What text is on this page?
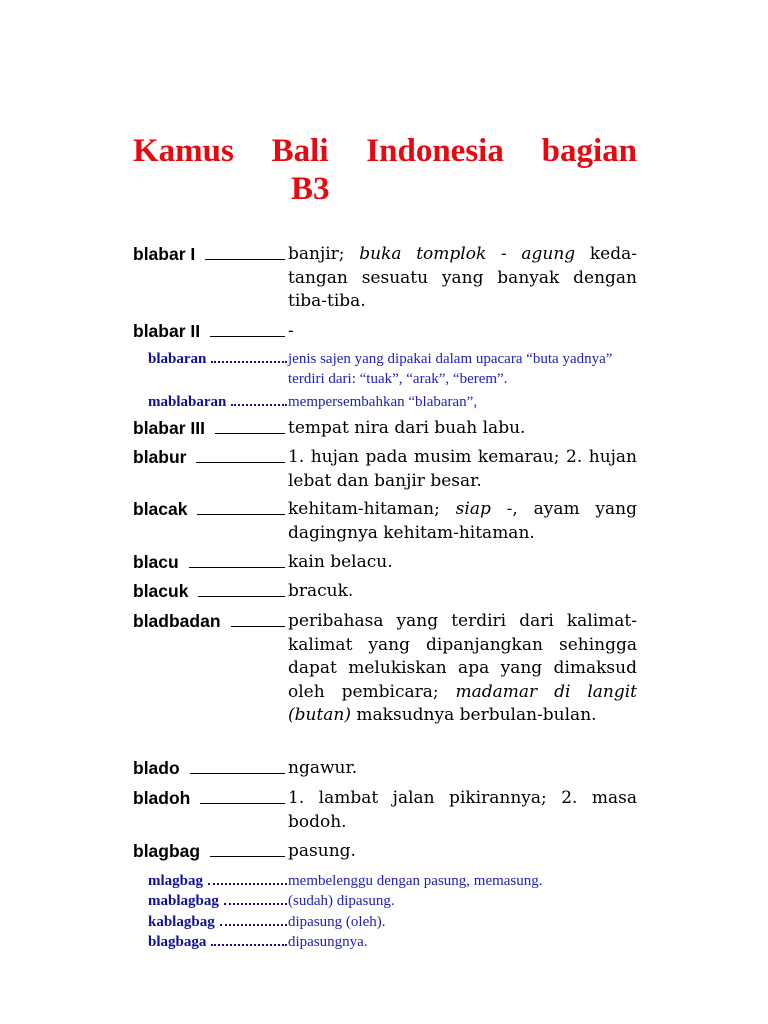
Kamus Bali Indonesia bagian
B3
blabar I	banjir; buka tomplok - agung keda-tangan sesuatu yang banyak dengan tiba-tiba.
blabar II	-
blabaran	jenis sajen yang dipakai dalam upacara “buta yadnya” terdiri dari: “tuak”, “arak”, “berem”.
mablabaran	mempersembahkan “blabaran”,
blabar III	tempat nira dari buah labu.
blabur	1. hujan pada musim kemarau; 2. hujan lebat dan banjir besar.
blacak	kehitam-hitaman; siap -, ayam yang dagingnya kehitam-hitaman.
blacu	kain belacu.
blacuk	bracuk.
bladbadan	peribahasa yang terdiri dari kalimat-kalimat yang dipanjangkan sehingga dapat melukiskan apa yang dimaksud oleh pembicara; madamar di langit (butan) maksudnya berbulan-bulan.
blado	ngawur.
bladoh	1. lambat jalan pikirannya; 2. masa bodoh.
blagbag	pasung.
mlagbag	membelenggu dengan pasung, memasung.
mablagbag	(sudah) dipasung.
kablagbag	dipasung (oleh).
blagbaga	dipasungnya.
